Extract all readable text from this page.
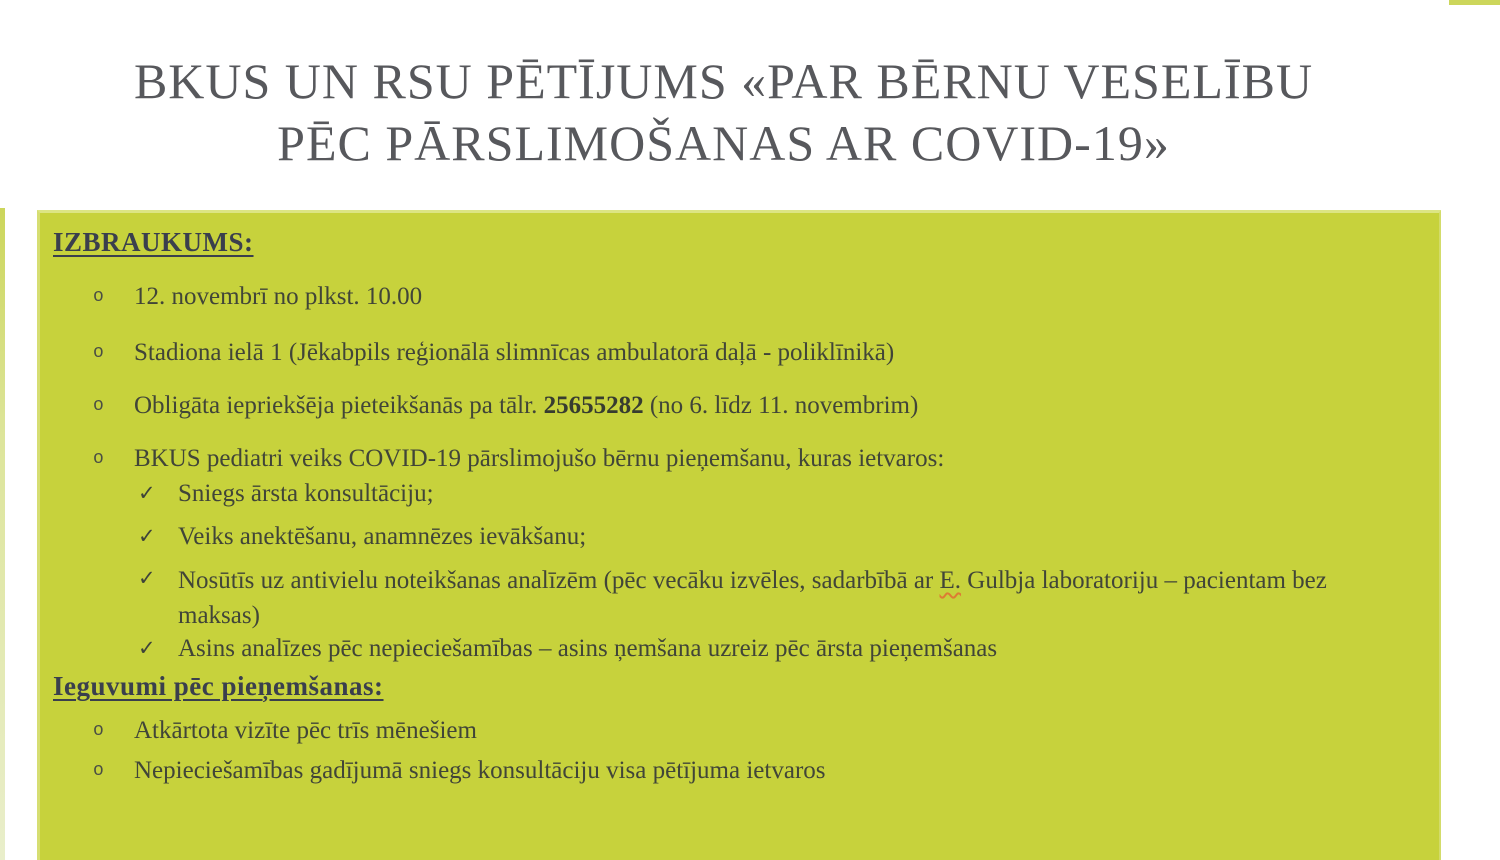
BKUS UN RSU PĒTĪJUMS «PAR BĒRNU VESELĪBU
PĒC PĀRSLIMOŠANAS AR COVID-19»
IZBRAUKUMS:
o	12. novembrī no plkst. 10.00
o	Stadiona ielā 1 (Jēkabpils reģionālā slimnīcas ambulatorā daļā - poliklīnikā)
o	Obligāta iepriekšēja pieteikšanās pa tālr. 25655282 (no 6. līdz 11. novembrim)
o	BKUS pediatri veiks COVID-19 pārslimojušo bērnu pieņemšanu, kuras ietvaros:
✓ Sniegs ārsta konsultāciju;
✓ Veiks anektēšanu, anamnēzes ievākšanu;
✓ Nosūtīs uz antivielu noteikšanas analīzēm (pēc vecāku izvēles, sadarbībā ar E. Gulbja laboratoriju – pacientam bez maksas)
✓ Asins analīzes pēc nepieciešamības – asins ņemšana uzreiz pēc ārsta pieņemšanas
Ieguvumi pēc pieņemšanas:
o	Atkārtota vizīte pēc trīs mēnešiem
o	Nepieciešamības gadījumā sniegs konsultāciju visa pētījuma ietvaros
